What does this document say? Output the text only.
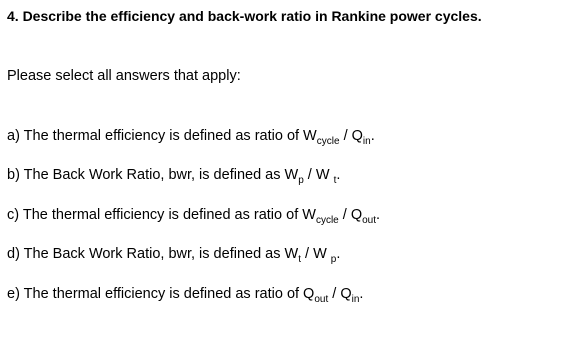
4. Describe the efficiency and back-work ratio in Rankine power cycles.
Please select all answers that apply:
a) The thermal efficiency is defined as ratio of $W_{cycle} / Q_{in}$.
b) The Back Work Ratio, bwr, is defined as $W_p$ / W $_t$.
c) The thermal efficiency is defined as ratio of $W_{cycle} / Q_{out}$.
d) The Back Work Ratio, bwr, is defined as $W_t$ / W $_p$.
e) The thermal efficiency is defined as ratio of $Q_{out} / Q_{in}$.
